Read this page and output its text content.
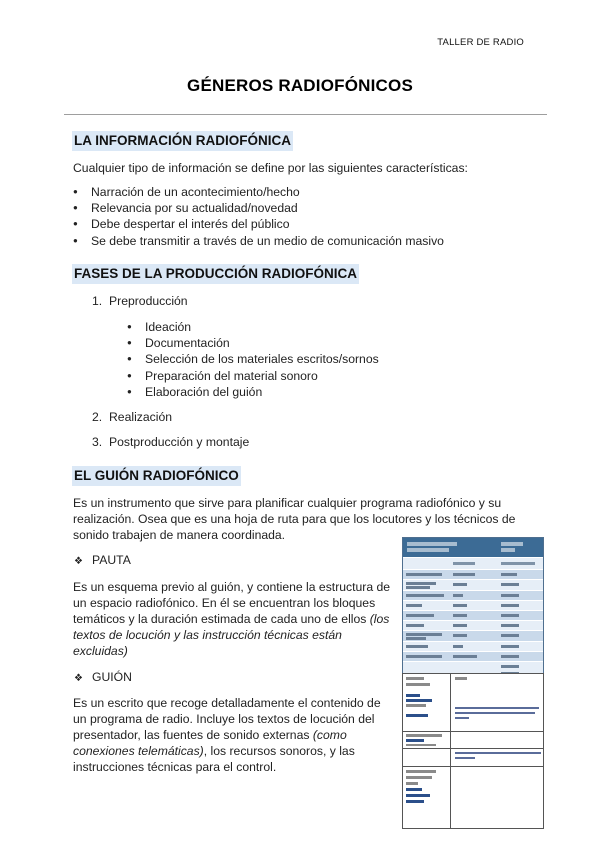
TALLER DE RADIO
GÉNEROS RADIOFÓNICOS
LA INFORMACIÓN RADIOFÓNICA
Cualquier tipo de información se define por las siguientes características:
● Narración de un acontecimiento/hecho
● Relevancia por su actualidad/novedad
● Debe despertar el interés del público
● Se debe transmitir a través de un medio de comunicación masivo
FASES DE LA PRODUCCIÓN RADIOFÓNICA
1. Preproducción
● Ideación
● Documentación
● Selección de los materiales escritos/sornos
● Preparación del material sonoro
● Elaboración del guión
2. Realización
3. Postproducción y montaje
EL GUIÓN RADIOFÓNICO
Es un instrumento que sirve para planificar cualquier programa radiofónico y su realización. Osea que es una hoja de ruta para que los locutores y los técnicos de sonido trabajen de manera coordinada.
❖ PAUTA
Es un esquema previo al guión, y contiene la estructura de un espacio radiofónico. En él se encuentran los bloques temáticos y la duración estimada de cada uno de ellos (los textos de locución y las instrucción técnicas están excluidas)
❖ GUIÓN
Es un escrito que recoge detalladamente el contenido de un programa de radio. Incluye los textos de locución del presentador, las fuentes de sonido externas (como conexiones telemáticas), los recursos sonoros, y las instrucciones técnicas para el control.
